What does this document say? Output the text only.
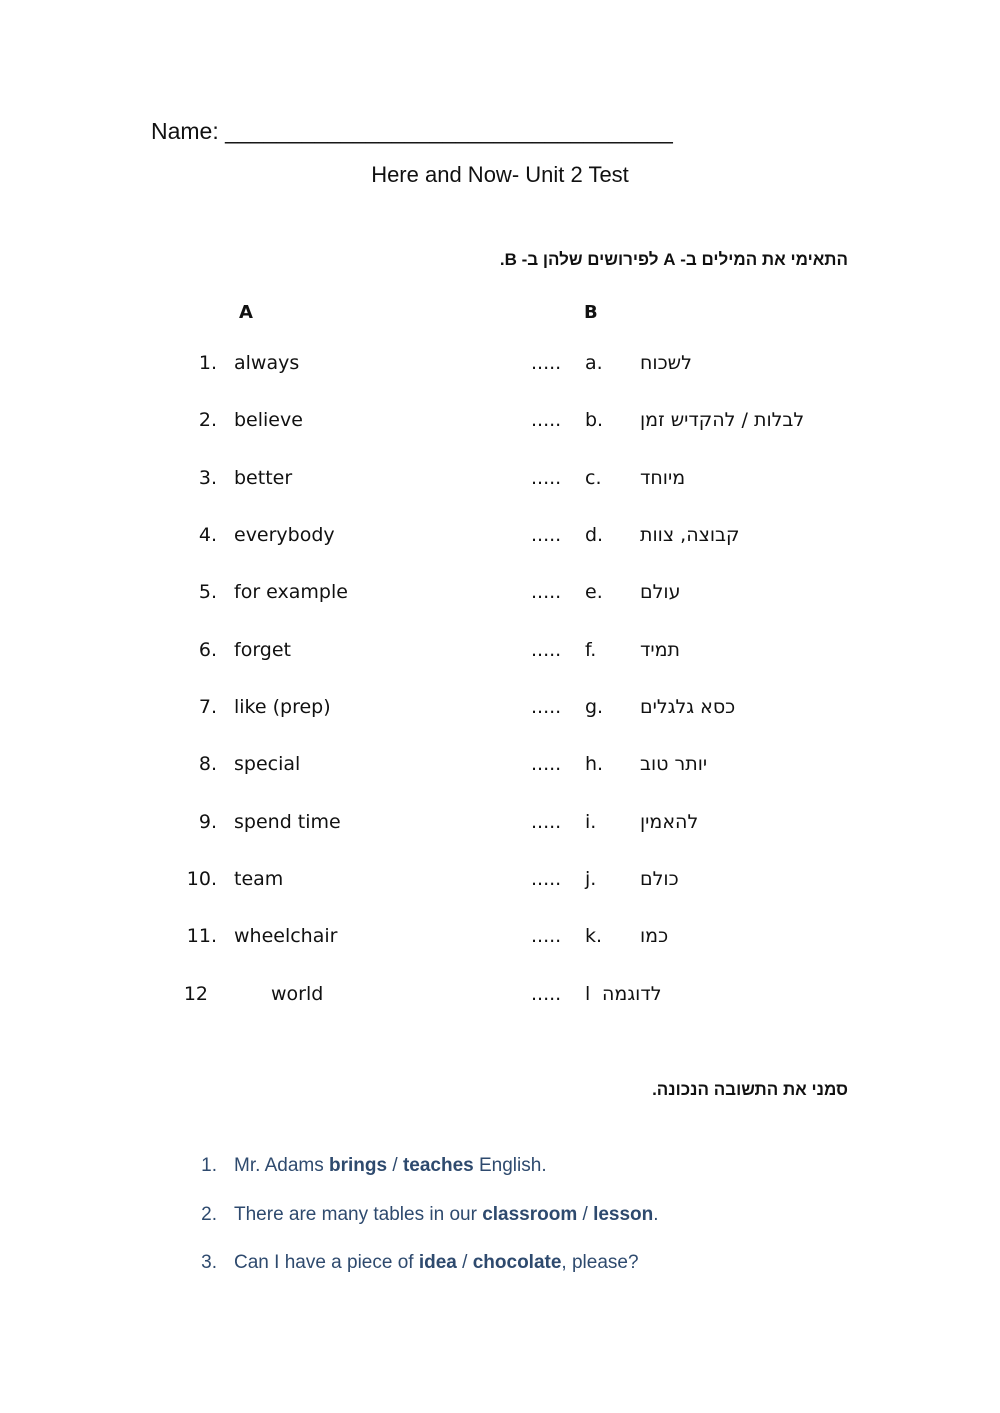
Name: ___________________________________
Here and Now- Unit 2 Test
התאימי את המילים ב- A לפירושים שלהן ב- B.
A	B
1. always	..... a. לשכוח
2. believe	..... b. לבלות / להקדיש זמן
3. better	..... c. מיוחד
4. everybody	..... d. קבוצה, צוות
5. for example	..... e. עולם
6. forget	..... f. תמיד
7. like (prep)	..... g. כסא גלגלים
8. special	..... h. יותר טוב
9. spend time	..... i. להאמין
10. team	..... j. כולם
11. wheelchair	..... k. כמו
12	world	..... l לדוגמה
סמני את התשובה הנכונה.
1. Mr. Adams brings / teaches English.
2. There are many tables in our classroom / lesson.
3. Can I have a piece of idea / chocolate, please?
